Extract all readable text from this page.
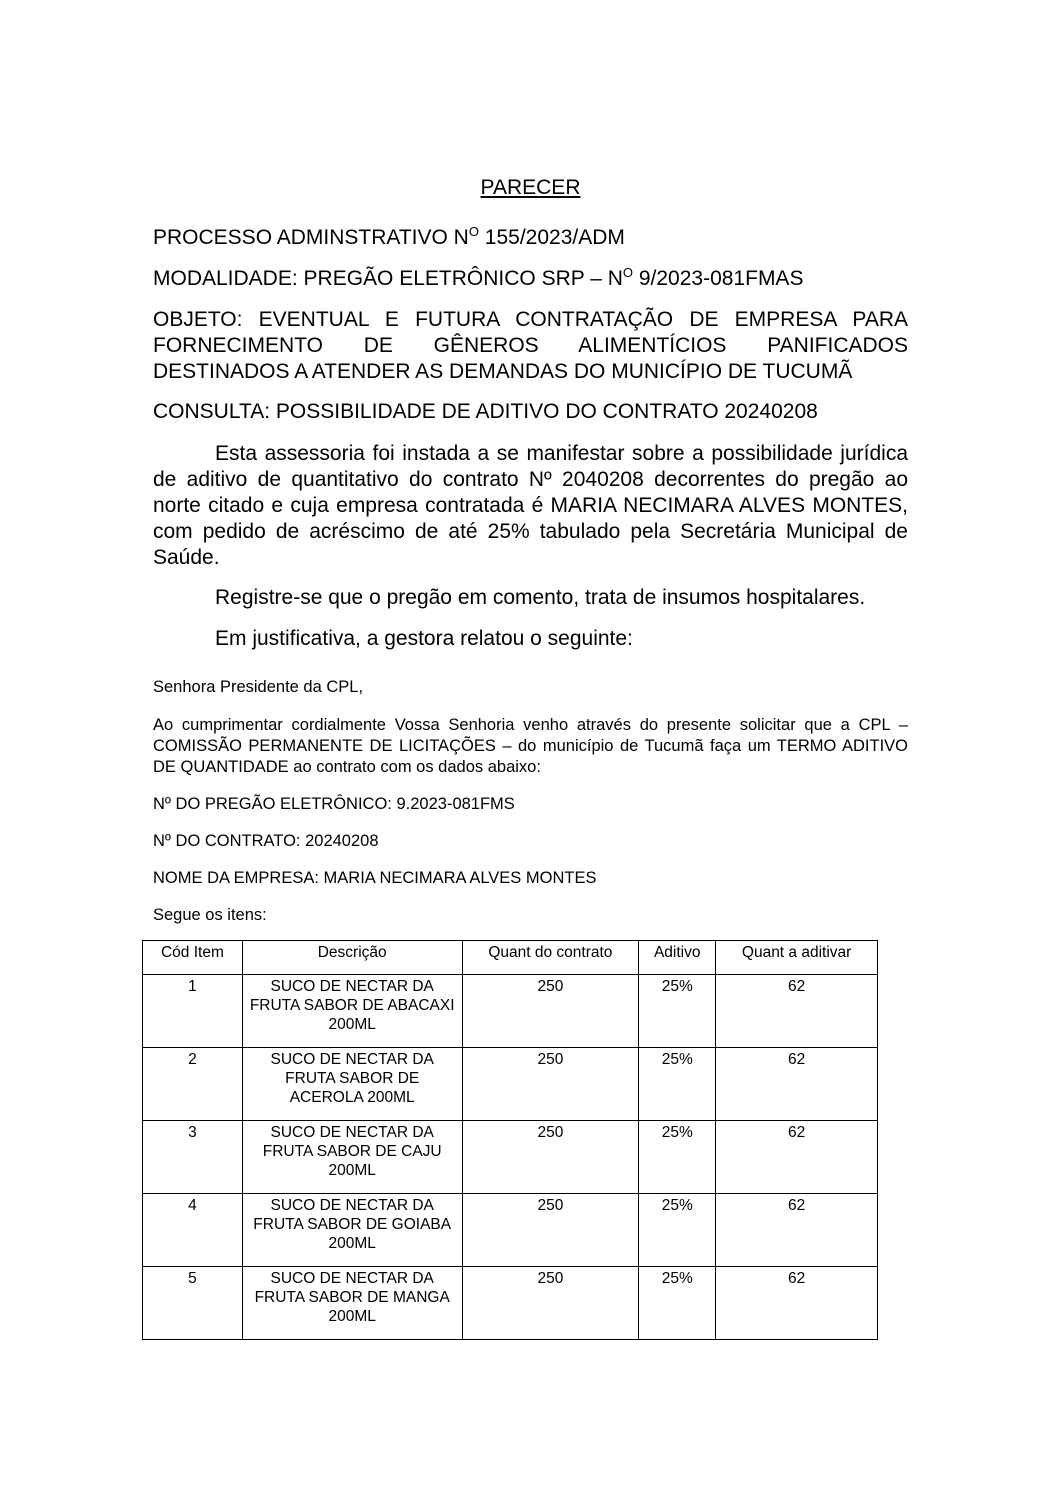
PARECER
PROCESSO ADMINSTRATIVO $N^O$ 155/2023/ADM
MODALIDADE: PREGÃO ELETRÔNICO SRP – $N^O$ 9/2023-081FMAS
OBJETO: EVENTUAL E FUTURA CONTRATAÇÃO DE EMPRESA PARA FORNECIMENTO DE GÊNEROS ALIMENTÍCIOS PANIFICADOS DESTINADOS A ATENDER AS DEMANDAS DO MUNICÍPIO DE TUCUMÃ
CONSULTA: POSSIBILIDADE DE ADITIVO DO CONTRATO 20240208
Esta assessoria foi instada a se manifestar sobre a possibilidade jurídica de aditivo de quantitativo do contrato Nº 2040208 decorrentes do pregão ao norte citado e cuja empresa contratada é MARIA NECIMARA ALVES MONTES, com pedido de acréscimo de até 25% tabulado pela Secretária Municipal de Saúde.
Registre-se que o pregão em comento, trata de insumos hospitalares.
Em justificativa, a gestora relatou o seguinte:
Senhora Presidente da CPL,
Ao cumprimentar cordialmente Vossa Senhoria venho através do presente solicitar que a CPL – COMISSÃO PERMANENTE DE LICITAÇÕES – do município de Tucumã faça um TERMO ADITIVO DE QUANTIDADE ao contrato com os dados abaixo:
Nº DO PREGÃO ELETRÔNICO: 9.2023-081FMS
Nº DO CONTRATO: 20240208
NOME DA EMPRESA: MARIA NECIMARA ALVES MONTES
Segue os itens:
Cód Item	Descrição	Quant do contrato	Aditivo	Quant a aditivar
1	SUCO DE NECTAR DA FRUTA SABOR DE ABACAXI 200ML	250	25%	62
2	SUCO DE NECTAR DA FRUTA SABOR DE ACEROLA 200ML	250	25%	62
3	SUCO DE NECTAR DA FRUTA SABOR DE CAJU 200ML	250	25%	62
4	SUCO DE NECTAR DA FRUTA SABOR DE GOIABA 200ML	250	25%	62
5	SUCO DE NECTAR DA FRUTA SABOR DE MANGA 200ML	250	25%	62
